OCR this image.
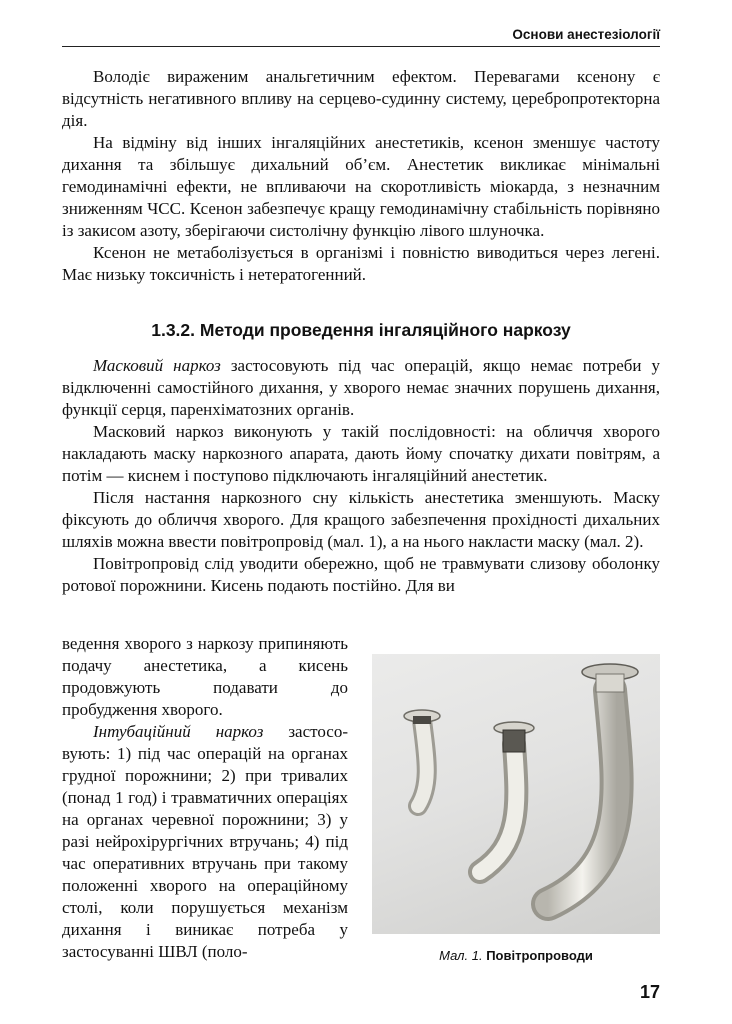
Основи анестезіології

Володіє вираженим анальгетичним ефектом. Перевагами ксенону є відсутність негативного впливу на серцево-судинну систему, церебропротекторна дія.

На відміну від інших інгаляційних анестетиків, ксенон зменшує частоту дихання та збільшує дихальний об’єм. Анестетик викликає мінімальні гемодинамічні ефекти, не впливаючи на скоротливість міокарда, з незначним зниженням ЧСС. Ксенон забезпечує кращу гемодинамічну стабільність порівняно із закисом азоту, зберігаючи систолічну функцію лівого шлуночка.

Ксенон не метаболізується в організмі і повністю виводиться через легені. Має низьку токсичність і нетератогенний.

1.3.2. Методи проведення інгаляційного наркозу

Масковий наркоз застосовують під час операцій, якщо немає потреби у відключенні самостійного дихання, у хворого немає значних порушень дихання, функції серця, паренхіматозних органів.

Масковий наркоз виконують у такій послідовності: на обличчя хворого накладають маску наркозного апарата, дають йому спочатку дихати повітрям, а потім — киснем і поступово підключають інгаляційний анестетик.

Після настання наркозного сну кількість анестетика зменшують. Маску фіксують до обличчя хворого. Для кращого забезпечення прохідності дихальних шляхів можна ввести повітропровід (мал. 1), а на нього накласти маску (мал. 2).

Повітропровід слід уводити обережно, щоб не травмувати слизову оболонку ротової порожнини. Кисень подають постійно. Для ви

ведення хворого з наркозу припиняють подачу анестетика, а кисень продовжують подавати до пробудження хворого.

Інтубаційний наркоз застосовують: 1) під час операцій на органах грудної порожнини; 2) при тривалих (понад 1 год) і травматичних операціях на органах черевної порожнини; 3) у разі нейрохірургічних втручань; 4) під час оперативних втручань при такому положенні хворого на операційному столі, коли порушується механізм дихання і виникає потреба у застосуванні ШВЛ (поло-	Мал. 1. Повітропроводи
17
